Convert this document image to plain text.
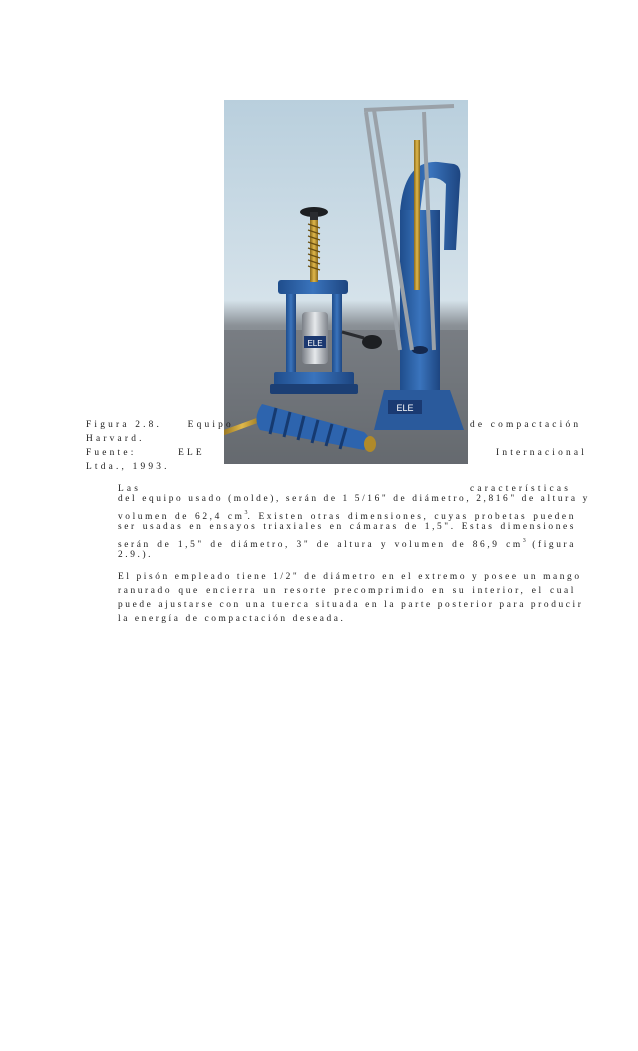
ELE
ELE
Figura 2.8.	Equipo	de compactación
Harvard.
Fuente:	ELE	Internacional
Ltda., 1993.
Las	características
del equipo usado (molde), serán de 1 5/16" de diámetro, 2,816" de altura y
volumen de 62,4 $cm^3$. Existen otras dimensiones, cuyas probetas pueden
ser usadas en ensayos triaxiales en cámaras de 1,5". Estas dimensiones
serán de 1,5" de diámetro, 3" de altura y volumen de 86,9 $cm^3$ (figura
2.9.).
El pisón empleado tiene 1/2" de diámetro en el extremo y posee un mango
ranurado que encierra un resorte precomprimido en su interior, el cual
puede ajustarse con una tuerca situada en la parte posterior para producir
la energía de compactación deseada.
